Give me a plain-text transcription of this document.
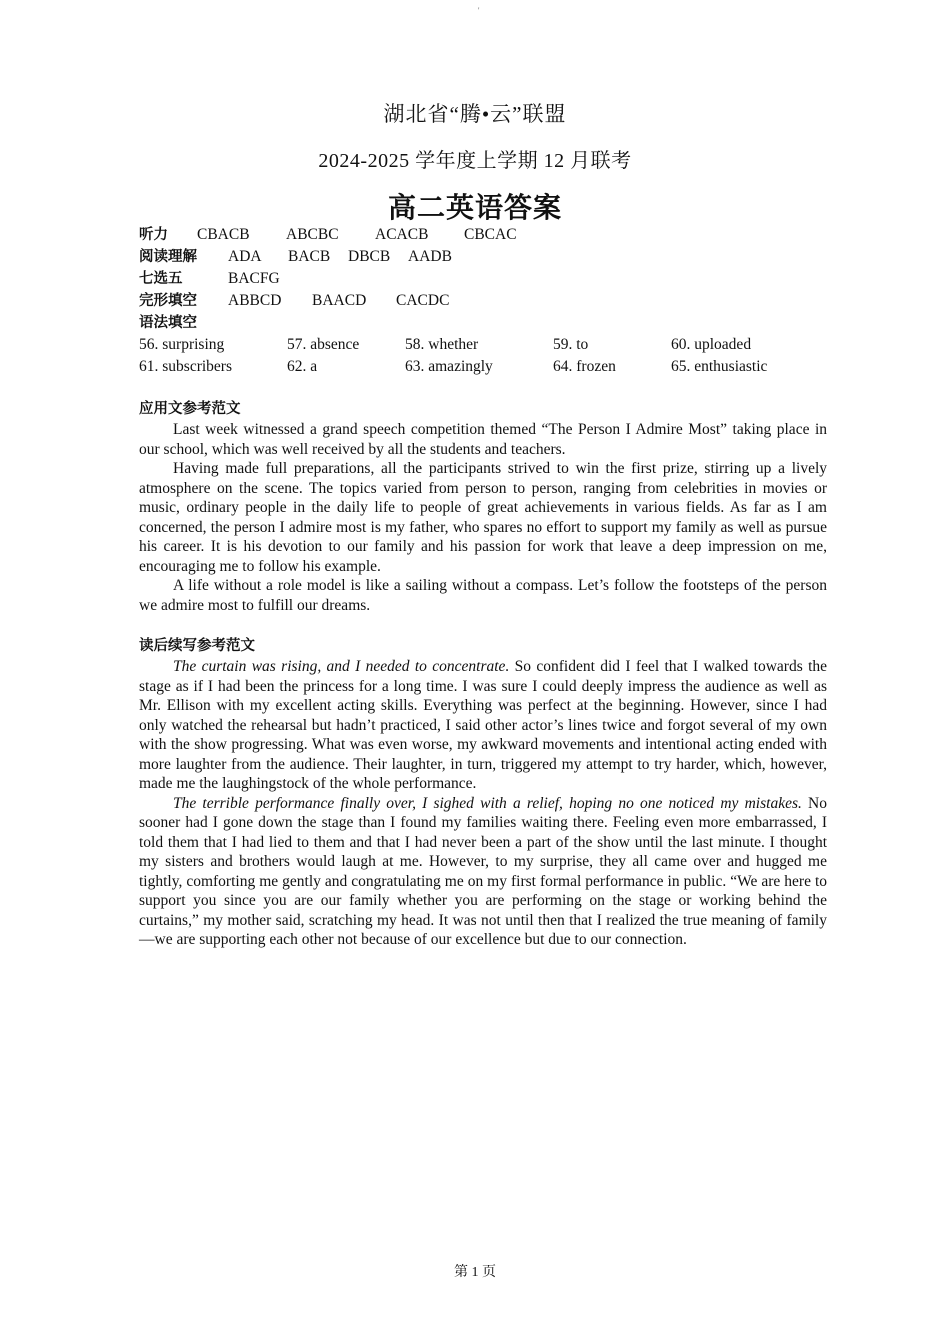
'
湖北省“腾•云”联盟
2024-2025 学年度上学期 12 月联考
高二英语答案
听力	CBACB	ABCBC	ACACB	CBCAC
阅读理解	ADA	BACB	DBCB	AADB
七选五	BACFG
完形填空	ABBCD	BAACD	CACDC
语法填空
56. surprising	57. absence	58. whether	59. to	60. uploaded
61. subscribers	62. a	63. amazingly	64. frozen	65. enthusiastic
应用文参考范文

Last week witnessed a grand speech competition themed “The Person I Admire Most” taking place in our school, which was well received by all the students and teachers.

Having made full preparations, all the participants strived to win the first prize, stirring up a lively atmosphere on the scene. The topics varied from person to person, ranging from celebrities in movies or music, ordinary people in the daily life to people of great achievements in various fields. As far as I am concerned, the person I admire most is my father, who spares no effort to support my family as well as pursue his career. It is his devotion to our family and his passion for work that leave a deep impression on me, encouraging me to follow his example.

A life without a role model is like a sailing without a compass. Let’s follow the footsteps of the person we admire most to fulfill our dreams.

读后续写参考范文

The curtain was rising, and I needed to concentrate. So confident did I feel that I walked towards the stage as if I had been the princess for a long time. I was sure I could deeply impress the audience as well as Mr. Ellison with my excellent acting skills. Everything was perfect at the beginning. However, since I had only watched the rehearsal but hadn’t practiced, I said other actor’s lines twice and forgot several of my own with the show progressing. What was even worse, my awkward movements and intentional acting ended with more laughter from the audience. Their laughter, in turn, triggered my attempt to try harder, which, however, made me the laughingstock of the whole performance.

The terrible performance finally over, I sighed with a relief, hoping no one noticed my mistakes. No sooner had I gone down the stage than I found my families waiting there. Feeling even more embarrassed, I told them that I had lied to them and that I had never been a part of the show until the last minute. I thought my sisters and brothers would laugh at me. However, to my surprise, they all came over and hugged me tightly, comforting me gently and congratulating me on my first formal performance in public. “We are here to support you since you are our family whether you are performing on the stage or working behind the curtains,” my mother said, scratching my head. It was not until then that I realized the true meaning of family—we are supporting each other not because of our excellence but due to our connection.

第 1 页
